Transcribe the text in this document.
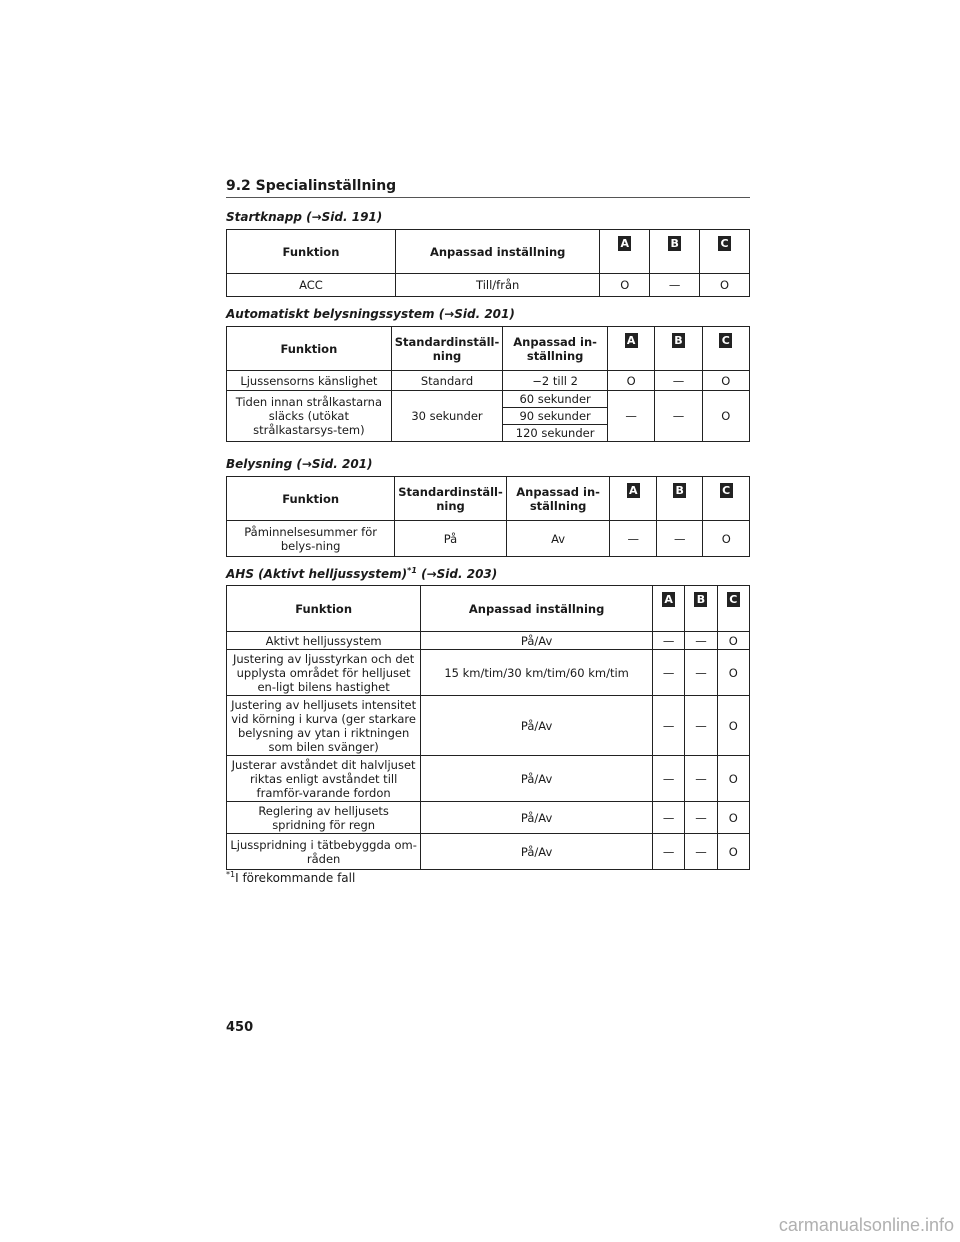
9.2 Specialinställning
Startknapp (→Sid. 191)
Funktion	Anpassad inställning	A	B	C
ACC	Till/från	O	—	O
Automatiskt belysningssystem (→Sid. 201)
Funktion	Standardinställ-ning	Anpassad in-ställning	A	B	C
Ljussensorns känslighet	Standard	−2 till 2	O	—	O
Tiden innan strålkastarna släcks (utökat strålkastarsys-tem)	30 sekunder	60 sekunder	—	—	O
		90 sekunder			
		120 sekunder			
Belysning (→Sid. 201)
Funktion	Standardinställ-ning	Anpassad in-ställning	A	B	C
Påminnelsesummer för belys-ning	På	Av	—	—	O
AHS (Aktivt helljussystem)$^{*1}$ (→Sid. 203)
Funktion	Anpassad inställning	A	B	C
Aktivt helljussystem	På/Av	—	—	O
Justering av ljusstyrkan och det upplysta området för helljuset en-ligt bilens hastighet	15 km/tim/30 km/tim/60 km/tim	—	—	O
Justering av helljusets intensitet vid körning i kurva (ger starkare belysning av ytan i riktningen som bilen svänger)	På/Av	—	—	O
Justerar avståndet dit halvljuset riktas enligt avståndet till framför-varande fordon	På/Av	—	—	O
Reglering av helljusets spridning för regn	På/Av	—	—	O
Ljusspridning i tätbebyggda om-råden	På/Av	—	—	O
$^{*1}$I förekommande fall
450
carmanualsonline.info
